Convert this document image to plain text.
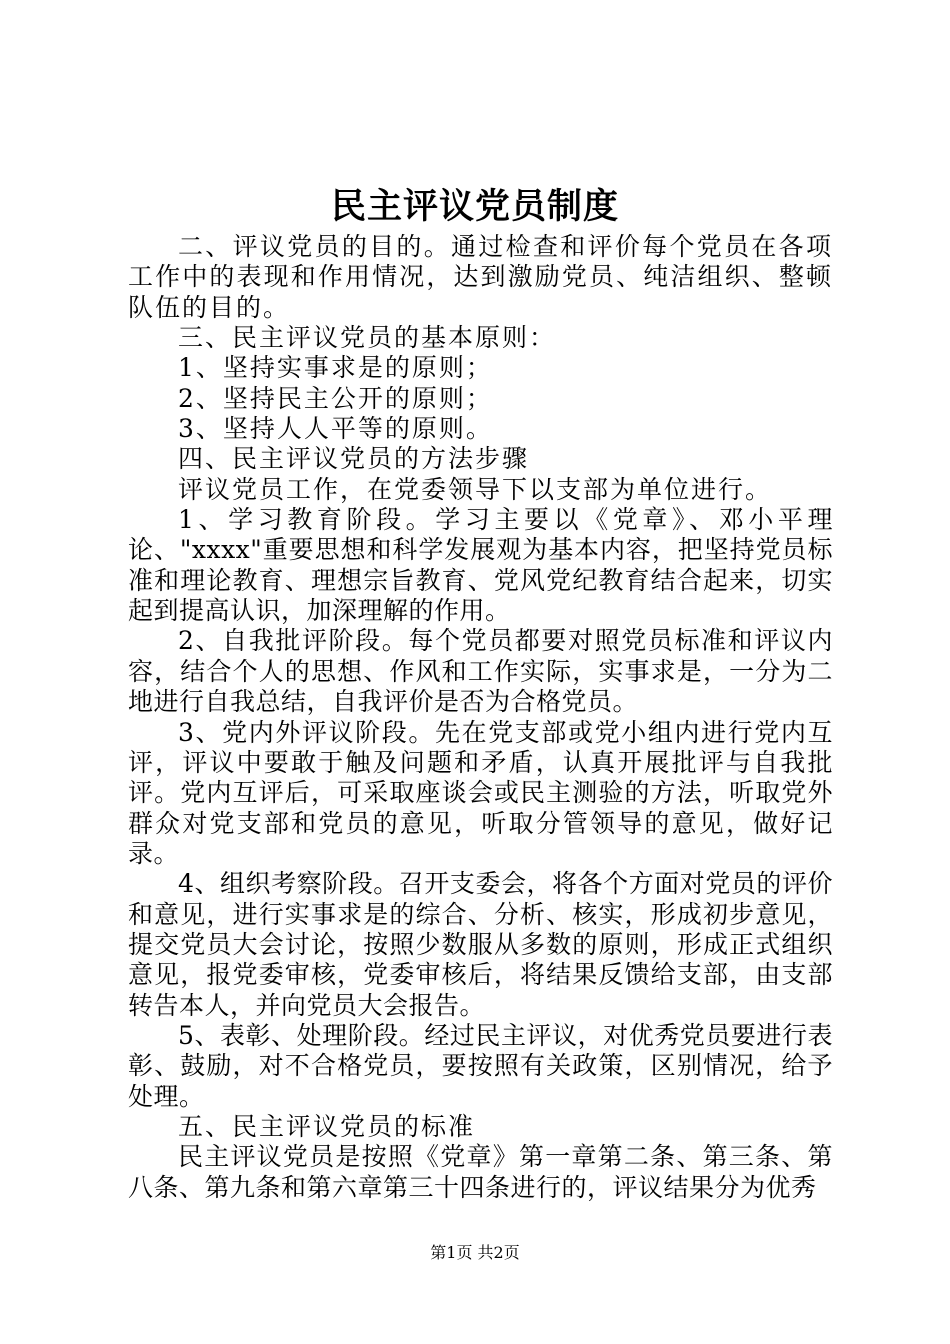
民主评议党员制度

二、评议党员的目的。通过检查和评价每个党员在各项工作中的表现和作用情况，达到激励党员、纯洁组织、整顿队伍的目的。

三、民主评议党员的基本原则：

1、坚持实事求是的原则；

2、坚持民主公开的原则；

3、坚持人人平等的原则。

四、民主评议党员的方法步骤

评议党员工作，在党委领导下以支部为单位进行。

1、学习教育阶段。学习主要以《党章》、邓小平理论、"xxxx"重要思想和科学发展观为基本内容，把坚持党员标准和理论教育、理想宗旨教育、党风党纪教育结合起来，切实起到提高认识，加深理解的作用。

2、自我批评阶段。每个党员都要对照党员标准和评议内容，结合个人的思想、作风和工作实际，实事求是，一分为二地进行自我总结，自我评价是否为合格党员。

3、党内外评议阶段。先在党支部或党小组内进行党内互评，评议中要敢于触及问题和矛盾，认真开展批评与自我批评。党内互评后，可采取座谈会或民主测验的方法，听取党外群众对党支部和党员的意见，听取分管领导的意见，做好记录。

4、组织考察阶段。召开支委会，将各个方面对党员的评价和意见，进行实事求是的综合、分析、核实，形成初步意见，提交党员大会讨论，按照少数服从多数的原则，形成正式组织意见，报党委审核，党委审核后，将结果反馈给支部，由支部转告本人，并向党员大会报告。

5、表彰、处理阶段。经过民主评议，对优秀党员要进行表彰、鼓励，对不合格党员，要按照有关政策，区别情况，给予处理。

五、民主评议党员的标准

民主评议党员是按照《党章》第一章第二条、第三条、第八条、第九条和第六章第三十四条进行的，评议结果分为优秀

第1页 共2页
